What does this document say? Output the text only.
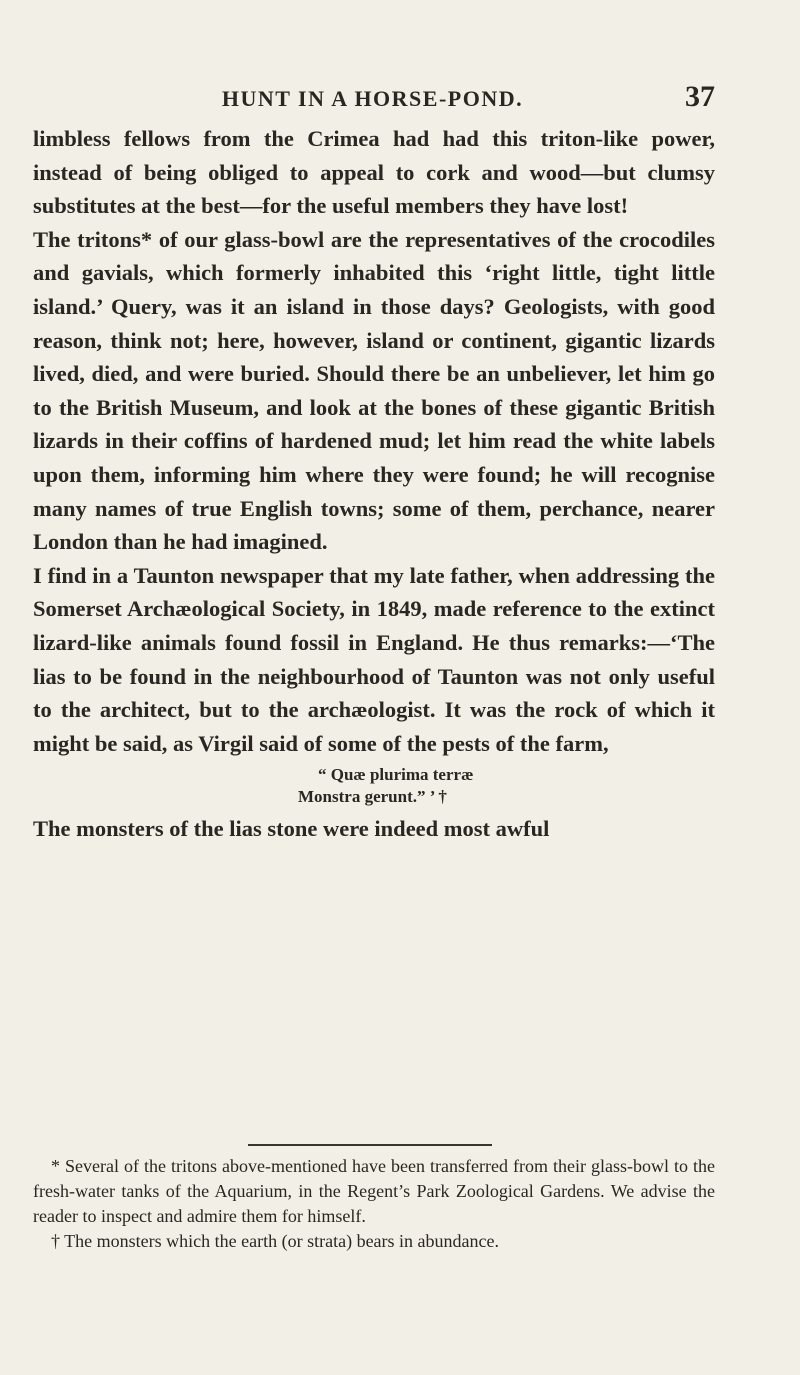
HUNT IN A HORSE-POND.	37

limbless fellows from the Crimea had had this triton-like power, instead of being obliged to appeal to cork and wood—but clumsy substitutes at the best—for the useful members they have lost!

The tritons* of our glass-bowl are the representatives of the crocodiles and gavials, which formerly inhabited this ‘right little, tight little island.’ Query, was it an island in those days? Geologists, with good reason, think not; here, however, island or continent, gigantic lizards lived, died, and were buried. Should there be an unbeliever, let him go to the British Museum, and look at the bones of these gigantic British lizards in their coffins of hardened mud; let him read the white labels upon them, informing him where they were found; he will recognise many names of true English towns; some of them, perchance, nearer London than he had imagined.

I find in a Taunton newspaper that my late father, when addressing the Somerset Archæological Society, in 1849, made reference to the extinct lizard-like animals found fossil in England. He thus remarks:—‘The lias to be found in the neighbourhood of Taunton was not only useful to the architect, but to the archæologist. It was the rock of which it might be said, as Virgil said of some of the pests of the farm,

“ Quæ plurima terræ
Monstra gerunt.” ’ †

The monsters of the lias stone were indeed most awful

* Several of the tritons above-mentioned have been transferred from their glass-bowl to the fresh-water tanks of the Aquarium, in the Regent’s Park Zoological Gardens. We advise the reader to inspect and admire them for himself.

† The monsters which the earth (or strata) bears in abundance.
